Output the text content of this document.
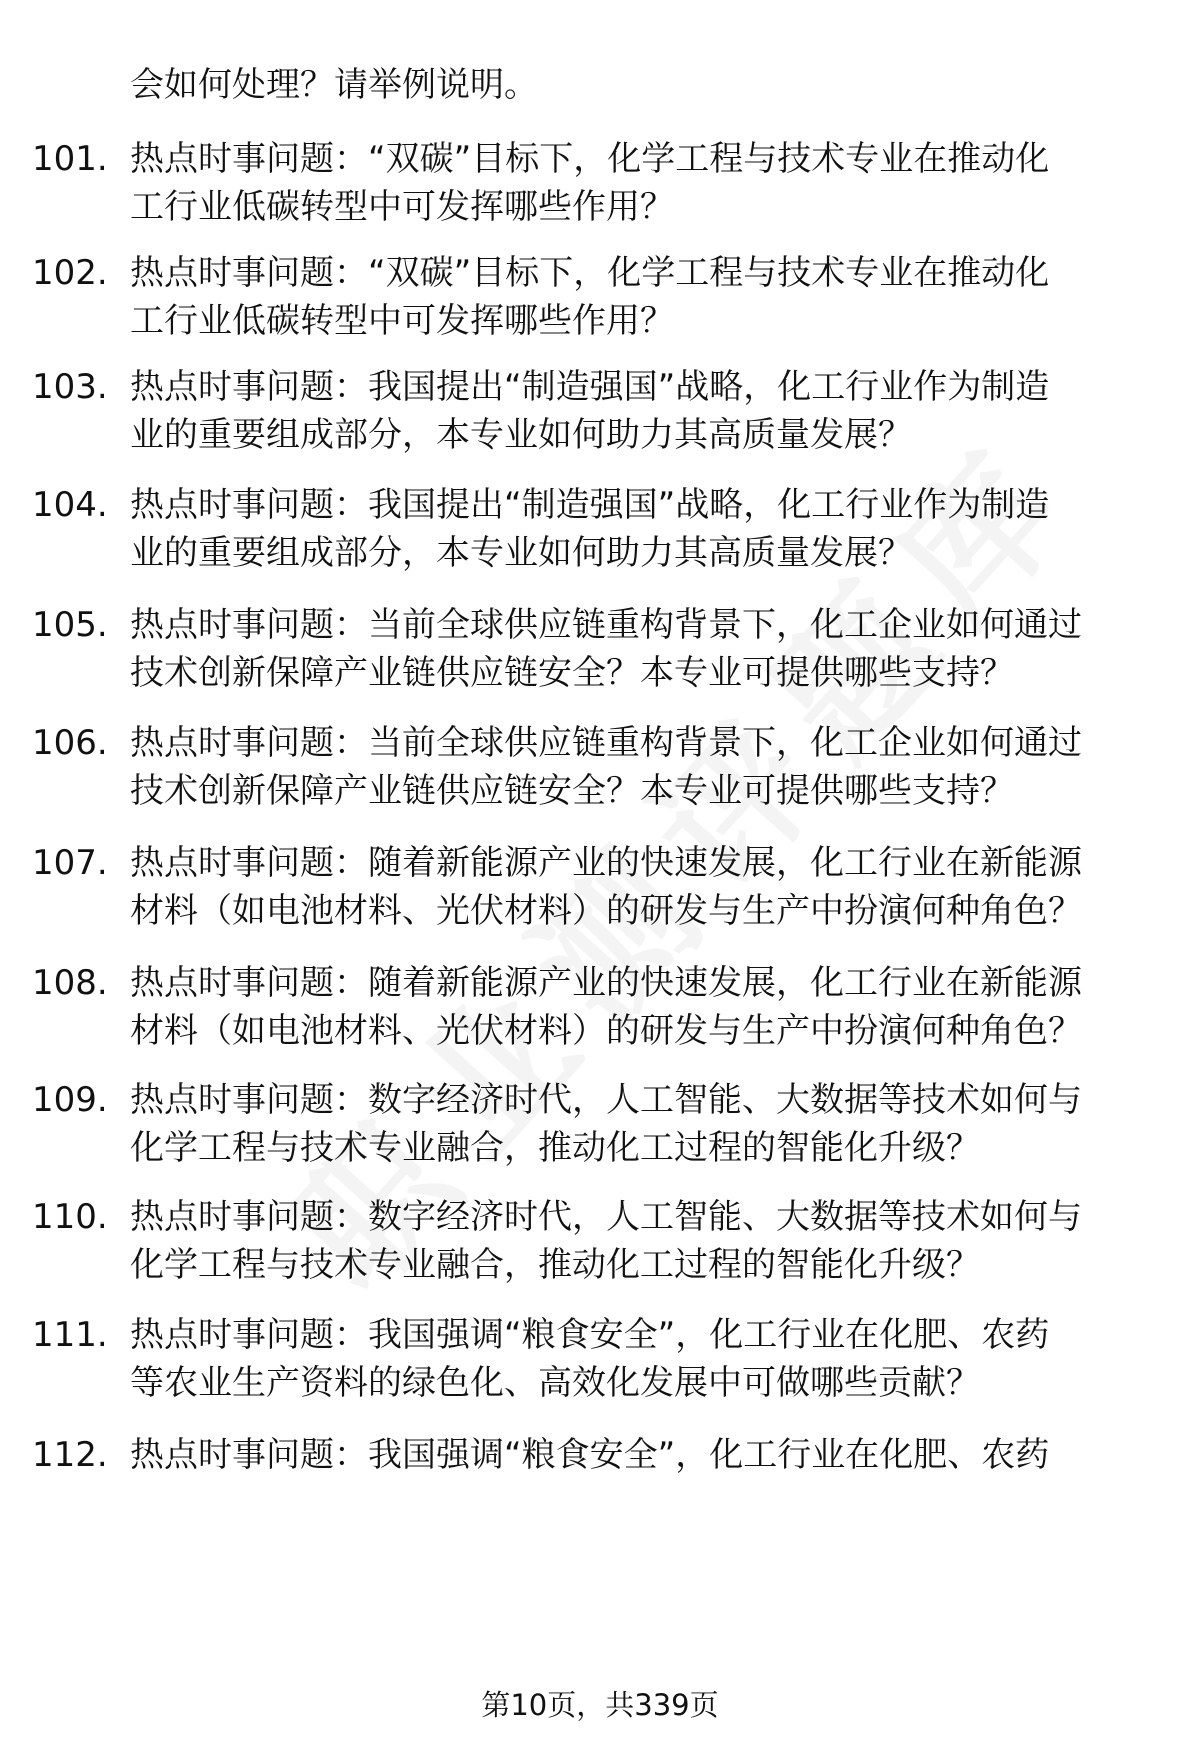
会如何处理？请举例说明。
101. 热点时事问题：“双碳”目标下，化学工程与技术专业在推动化
工行业低碳转型中可发挥哪些作用？
102. 热点时事问题：“双碳”目标下，化学工程与技术专业在推动化
工行业低碳转型中可发挥哪些作用？
103. 热点时事问题：我国提出“制造强国”战略，化工行业作为制造
业的重要组成部分，本专业如何助力其高质量发展？
104. 热点时事问题：我国提出“制造强国”战略，化工行业作为制造
业的重要组成部分，本专业如何助力其高质量发展？
105. 热点时事问题：当前全球供应链重构背景下，化工企业如何通过
技术创新保障产业链供应链安全？本专业可提供哪些支持？
106. 热点时事问题：当前全球供应链重构背景下，化工企业如何通过
技术创新保障产业链供应链安全？本专业可提供哪些支持？
107. 热点时事问题：随着新能源产业的快速发展，化工行业在新能源
材料（如电池材料、光伏材料）的研发与生产中扮演何种角色？
108. 热点时事问题：随着新能源产业的快速发展，化工行业在新能源
材料（如电池材料、光伏材料）的研发与生产中扮演何种角色？
109. 热点时事问题：数字经济时代，人工智能、大数据等技术如何与
化学工程与技术专业融合，推动化工过程的智能化升级？
110. 热点时事问题：数字经济时代，人工智能、大数据等技术如何与
化学工程与技术专业融合，推动化工过程的智能化升级？
111. 热点时事问题：我国强调“粮食安全”，化工行业在化肥、农药
等农业生产资料的绿色化、高效化发展中可做哪些贡献？
112. 热点时事问题：我国强调“粮食安全”，化工行业在化肥、农药
第10页，共339页
